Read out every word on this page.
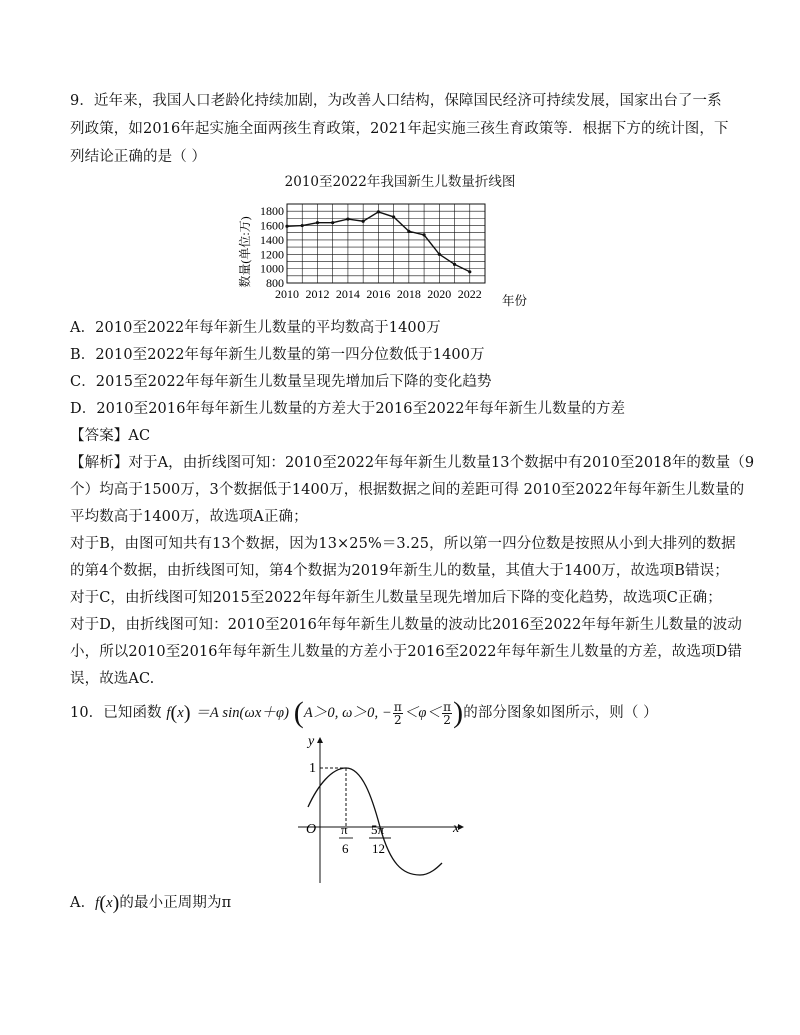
9．近年来，我国人口老龄化持续加剧，为改善人口结构，保障国民经济可持续发展，国家出台了一系
列政策，如2016年起实施全面两孩生育政策，2021年起实施三孩生育政策等．根据下方的统计图，下
列结论正确的是（ ）
2010至2022年我国新生儿数量折线图
800
1000
1200
1400
1600
1800
2010 2012 2014 2016 2018 2020 2022
数量(单位:万)
年份
A．2010至2022年每年新生儿数量的平均数高于1400万
B．2010至2022年每年新生儿数量的第一四分位数低于1400万
C．2015至2022年每年新生儿数量呈现先增加后下降的变化趋势
D．2010至2016年每年新生儿数量的方差大于2016至2022年每年新生儿数量的方差
【答案】AC
【解析】对于A，由折线图可知：2010至2022年每年新生儿数量13个数据中有2010至2018年的数量（9
个）均高于1500万，3个数据低于1400万，根据数据之间的差距可得 2010至2022年每年新生儿数量的
平均数高于1400万，故选项A正确；
对于B，由图可知共有13个数据，因为13×25%＝3.25，所以第一四分位数是按照从小到大排列的数据
的第4个数据，由折线图可知，第4个数据为2019年新生儿的数量，其值大于1400万，故选项B错误；
对于C，由折线图可知2015至2022年每年新生儿数量呈现先增加后下降的变化趋势，故选项C正确；
对于D，由折线图可知：2010至2016年每年新生儿数量的波动比2016至2022年每年新生儿数量的波动
小，所以2010至2016年每年新生儿数量的方差小于2016至2022年每年新生儿数量的方差，故选项D错
误，故选AC.
10．已知函数 f(x) ＝A sin(ωx＋φ) (A＞0, ω＞0, − $\frac{\pi}{2} <\varphi< \frac{\pi}{2}$ )的部分图象如图所示，则（ ）
y
x
O
1
π
6
5π
12
A．f(x)的最小正周期为π
